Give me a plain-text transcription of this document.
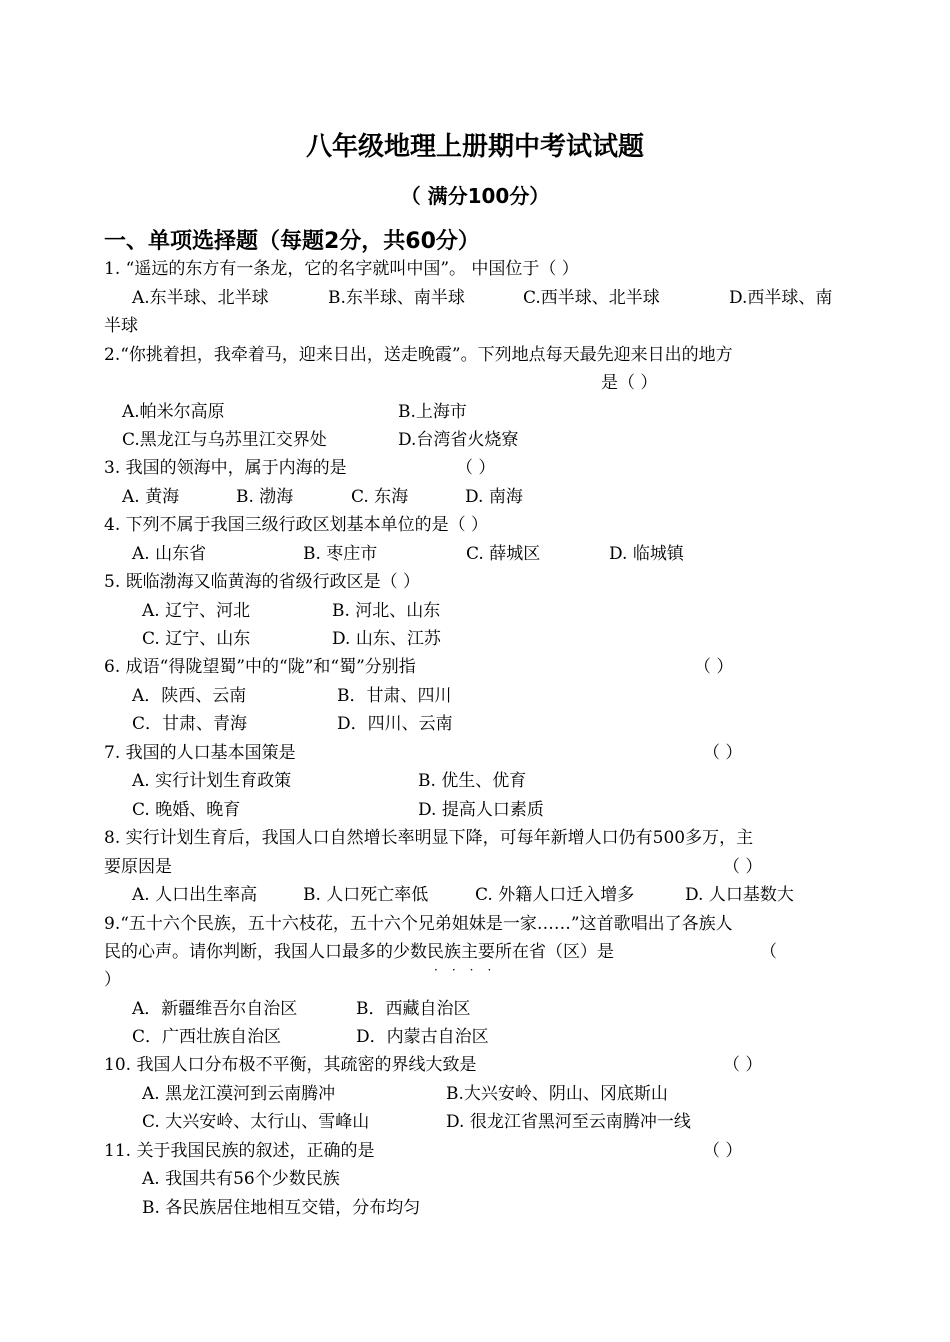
八年级地理上册期中考试试题
（ 满分100分）
一、单项选择题（每题2分，共60分）
1. “遥远的东方有一条龙，它的名字就叫中国”。 中国位于（ ）
A.东半球、北半球	B.东半球、南半球	C.西半球、北半球	D.西半球、南
半球
2.“你挑着担，我牵着马，迎来日出，送走晚霞”。下列地点每天最先迎来日出的地方
是（ ）
A.帕米尔高原	B.上海市
C.黑龙江与乌苏里江交界处	D.台湾省火烧寮
3. 我国的领海中，属于内海的是	（ ）
A. 黄海	B. 渤海	C. 东海	D. 南海
4. 下列不属于我国三级行政区划基本单位的是（ ）
A. 山东省	B. 枣庄市	C. 薛城区	D. 临城镇
5. 既临渤海又临黄海的省级行政区是（ ）
A. 辽宁、河北	B. 河北、山东
C. 辽宁、山东	D. 山东、江苏
6. 成语“得陇望蜀”中的“陇”和“蜀”分别指	（ ）
A．陕西、云南	B．甘肃、四川
C．甘肃、青海	D．四川、云南
7. 我国的人口基本国策是	（ ）
A. 实行计划生育政策	B. 优生、优育
C. 晚婚、晚育	D. 提高人口素质
8. 实行计划生育后，我国人口自然增长率明显下降，可每年新增人口仍有500多万，主
要原因是	（ ）
A. 人口出生率高	B. 人口死亡率低	C. 外籍人口迁入增多	D. 人口基数大
9.“五十六个民族，五十六枝花，五十六个兄弟姐妹是一家……”这首歌唱出了各族人
民的心声。请你判断，我国人口最多的少数民族主要所在省（区）是
····
（
）
A．新疆维吾尔自治区	B．西藏自治区
C．广西壮族自治区	D．内蒙古自治区
10. 我国人口分布极不平衡，其疏密的界线大致是	（ ）
A. 黑龙江漠河到云南腾冲	B.大兴安岭、阴山、冈底斯山
C. 大兴安岭、太行山、雪峰山	D. 很龙江省黑河至云南腾冲一线
11. 关于我国民族的叙述，正确的是	（ ）
A. 我国共有56个少数民族
B. 各民族居住地相互交错，分布均匀
